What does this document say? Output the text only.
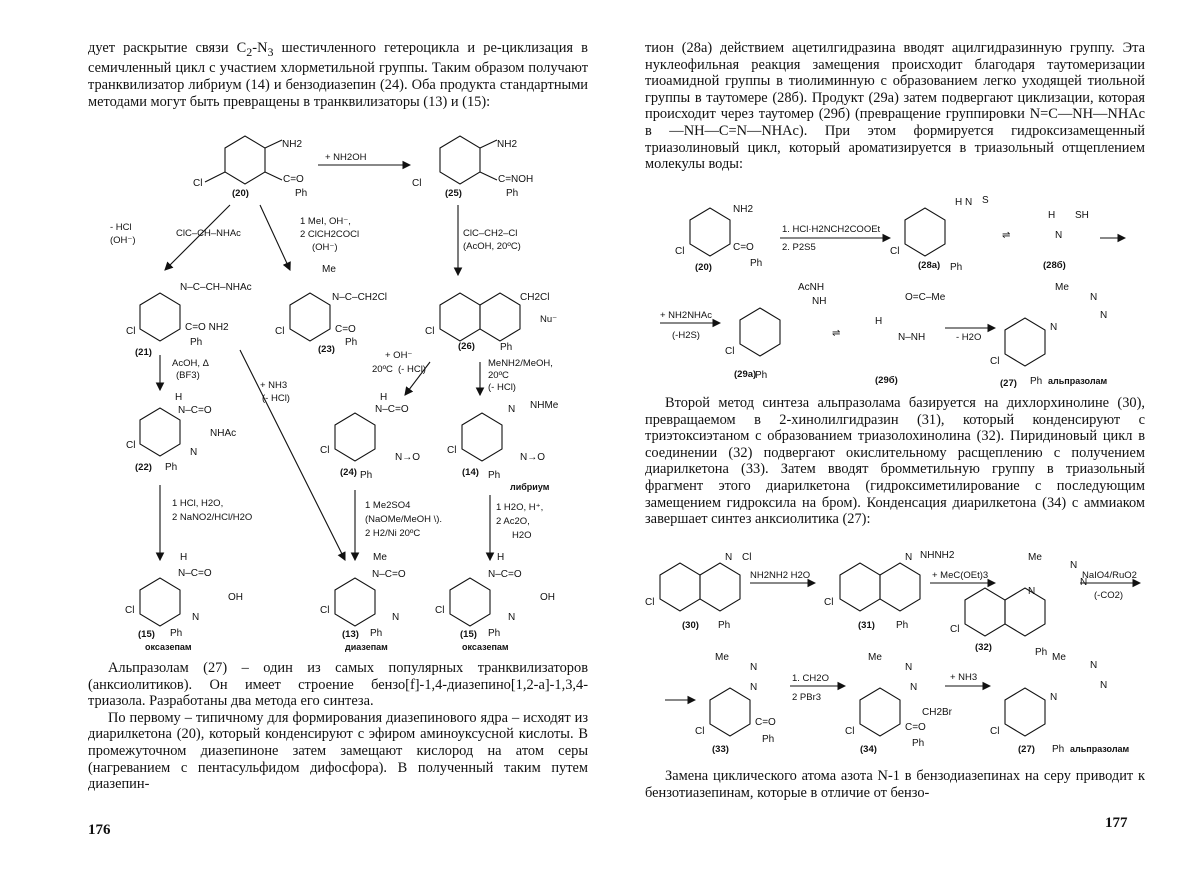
дует раскрытие связи $C_2-N_3$ шестичленного гетероцикла и ре-циклизация в семичленный цикл с участием хлорметильной группы. Таким образом получают транквилизатор либриум (14) и бензодиазепин (24). Оба продукта стандартными методами могут быть превращены в транквилизаторы (13) и (15):
NH2
C=O
Ph
Cl
(20)
+ NH2OH
NH2
C=NOH
Ph
Cl
(25)
- HCl
(OH⁻)
ClC–CH–NHAc
1 MeI, OH⁻,
2 ClCH2COCl
(OH⁻)
ClC–CH2–Cl
(AcOH, 20ºC)
N–C–CH–NHAc
C=O NH2
Ph
Cl
(21)
Me
N–C–CH2Cl
C=O
Ph
Cl
(23)
CH2Cl
Nu⁻
Ph
Cl
(26)
AcOH, Δ
(BF3)
+ OH⁻
20ºC (- HCl)
MeNH2/MeOH,
20ºC
(- HCl)
H
N–C=O
NHAc
N
Ph
Cl
(22)
H
N–C=O
N→O
Ph
Cl
(24)
N NHMe
N→O
Ph
Cl
(14)
либриум
1 HCl, H2O,
2 NaNO2/HCl/H2O
+ NH3
(- HCl)
1 Me2SO4
(NaOMe/MeOH \).
2 H2/Ni 20ºC
1 H2O, H⁺,
2 Ac2O,
H2O
H
N–C=O
OH
N
Ph
Cl
(15)
оксазепам
Me
N–C=O
N
Ph
Cl
(13)
диазепам
H
N–C=O
OH
N
Ph
Cl
(15)
оксазепам

Альпразолам (27) – один из самых популярных транквилизаторов (анксиолитиков). Он имеет строение бензо[f]-1,4-диазепино[1,2-a]-1,3,4-триазола. Разработаны два метода его синтеза.

По первому – типичному для формирования диазепинового ядра – исходят из диарилкетона (20), который конденсируют с эфиром аминоуксусной кислоты. В промежуточном диазепиноне затем замещают кислород на атом серы (нагреванием с пентасульфидом дифосфора). В полученный таким путем диазепин-

176
тион (28а) действием ацетилгидразина вводят ацилгидразинную группу. Эта нуклеофильная реакция замещения происходит благодаря таутомеризации тиоамидной группы в тиолиминную с образованием легко уходящей тиольной группы в таутомере (28б). Продукт (29а) затем подвергают циклизации, которая происходит через таутомер (29б) (превращение группировки N=C—NH—NHAc в —NH—C=N—NHAc). При этом формируется гидроксизамещенный триазолиновый цикл, который ароматизируется в триазольный отщеплением молекулы воды:
NH2
C=O
Ph
Cl
(20)
1. HCl·H2NCH2COOEt
2. P2S5
H N S
Ph
Cl
(28a)
⇌
H SH
N
(28б)
+ NH2NHAc
(-H2S)
AcNH
NH
Ph
Cl
(29a)
⇌
O=C–Me
H
N–NH
(29б)
- H2O
Me
N
N
N
Ph
Cl
(27)	альпразолам

Второй метод синтеза альпразолама базируется на дихлорхинолине (30), превращаемом в 2-хинолилгидразин (31), который конденсируют с триэтоксиэтаном с образованием триазолохинолина (32). Пиридиновый цикл в соединении (32) подвергают окислительному расщеплению с получением диарилкетона (33). Затем вводят бромметильную группу в триазольный фрагмент этого диарилкетона (гидроксиметилирование с последующим замещением гидроксила на бром). Конденсация диарилкетона (34) с аммиаком завершает синтез анксиолитика (27):

N Cl
Ph
Cl
(30)
NH2NH2 H2O
N NHNH2
Ph
Cl
(31)
+ MeC(OEt)3
Me
N
N
N
Ph
Cl
(32)
NaIO4/RuO2
(-CO2)
Me
N
N
C=O
Ph
Cl
(33)
1. CH2O
2 PBr3
Me
N
N
CH2Br
C=O
Ph
Cl
(34)
+ NH3
Me
N
N
N
Ph
Cl
(27)	альпразолам

Замена циклического атома азота N-1 в бензодиазепинах на серу приводит к бензотиазепинам, которые в отличие от бензо-

177
